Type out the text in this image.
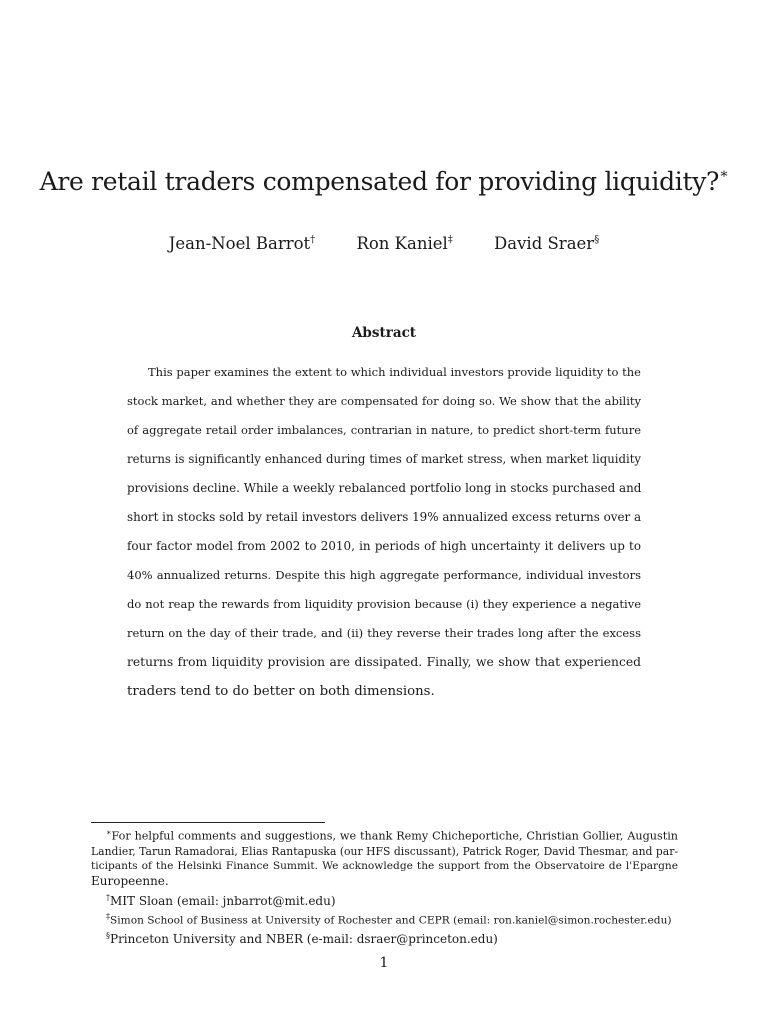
Are retail traders compensated for providing liquidity?∗
Jean-Noel Barrot†	Ron Kaniel‡	David Sraer§
Abstract
This paper examines the extent to which individual investors provide liquidity to the
stock market, and whether they are compensated for doing so. We show that the ability
of aggregate retail order imbalances, contrarian in nature, to predict short-term future
returns is significantly enhanced during times of market stress, when market liquidity
provisions decline. While a weekly rebalanced portfolio long in stocks purchased and
short in stocks sold by retail investors delivers 19% annualized excess returns over a
four factor model from 2002 to 2010, in periods of high uncertainty it delivers up to
40% annualized returns. Despite this high aggregate performance, individual investors
do not reap the rewards from liquidity provision because (i) they experience a negative
return on the day of their trade, and (ii) they reverse their trades long after the excess
returns from liquidity provision are dissipated. Finally, we show that experienced
traders tend to do better on both dimensions.
∗For helpful comments and suggestions, we thank Remy Chicheportiche, Christian Gollier, Augustin
Landier, Tarun Ramadorai, Elias Rantapuska (our HFS discussant), Patrick Roger, David Thesmar, and par-
ticipants of the Helsinki Finance Summit. We acknowledge the support from the Observatoire de l'Epargne
Europeenne.
†MIT Sloan (email: jnbarrot@mit.edu)
‡Simon School of Business at University of Rochester and CEPR (email: ron.kaniel@simon.rochester.edu)
§Princeton University and NBER (e-mail: dsraer@princeton.edu)
1
